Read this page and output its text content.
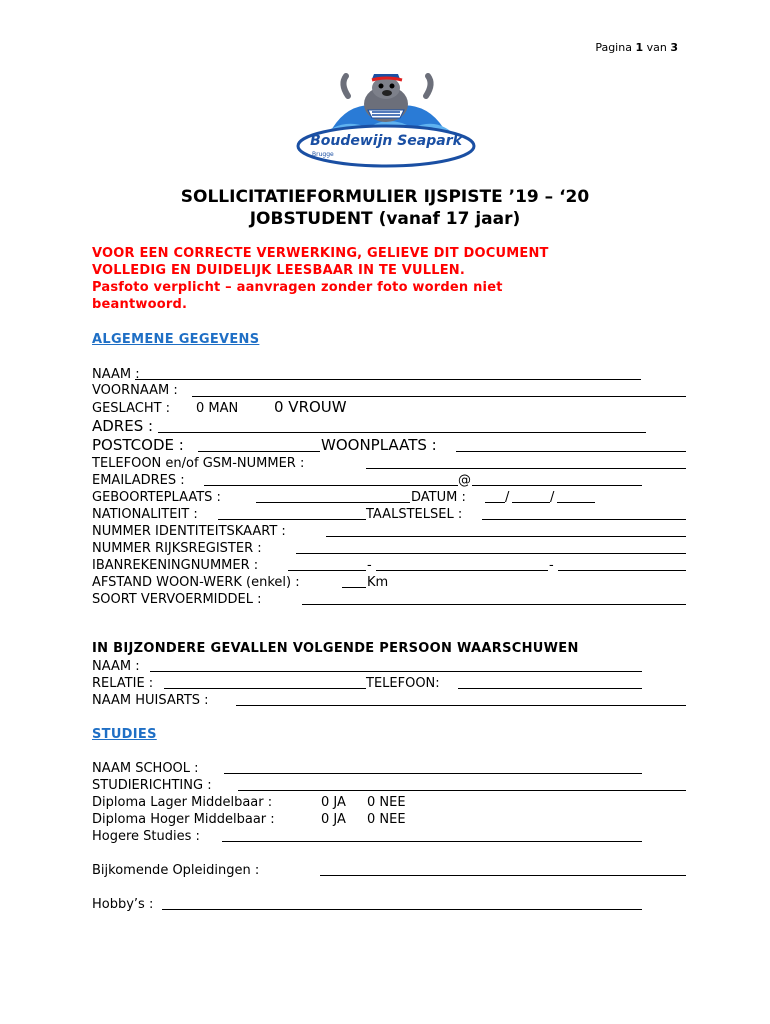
Pagina 1 van 3
Boudewijn Seapark
Brugge
SOLLICITATIEFORMULIER IJSPISTE ’19 – ‘20
JOBSTUDENT (vanaf 17 jaar)
VOOR EEN CORRECTE VERWERKING, GELIEVE DIT DOCUMENT
VOLLEDIG EN DUIDELIJK LEESBAAR IN TE VULLEN.
Pasfoto verplicht – aanvragen zonder foto worden niet
beantwoord.
ALGEMENE GEGEVENS
NAAM :
VOORNAAM :
GESLACHT : 0 MAN 0 VROUW
ADRES :
POSTCODE :	WOONPLAATS :
TELEFOON en/of GSM-NUMMER :
EMAILADRES :	@
GEBOORTEPLAATS :	DATUM :	/	/
NATIONALITEIT :	TAALSTELSEL :
NUMMER IDENTITEITSKAART :
NUMMER RIJKSREGISTER :
IBANREKENINGNUMMER :	-	-
AFSTAND WOON-WERK (enkel) :	Km
SOORT VERVOERMIDDEL :
IN BIJZONDERE GEVALLEN VOLGENDE PERSOON WAARSCHUWEN
NAAM :
RELATIE :	TELEFOON:
NAAM HUISARTS :
STUDIES
NAAM SCHOOL :
STUDIERICHTING :
Diploma Lager Middelbaar :	0 JA 0 NEE
Diploma Hoger Middelbaar :	0 JA 0 NEE
Hogere Studies :
Bijkomende Opleidingen :
Hobby’s :
